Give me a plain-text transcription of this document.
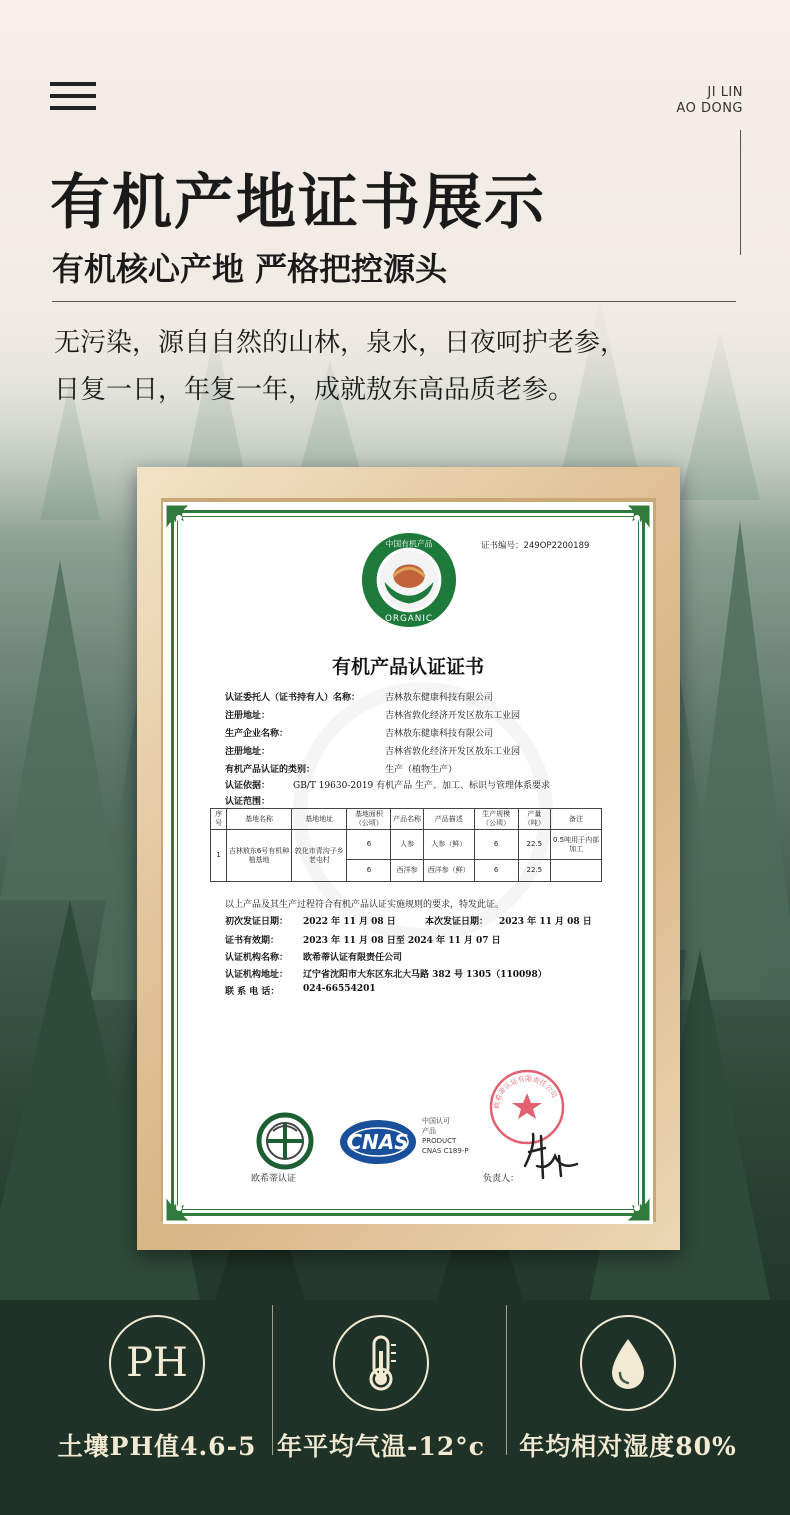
JI LIN
AO DONG
有机产地证书展示
有机核心产地 严格把控源头
无污染，源自自然的山林，泉水，日夜呵护老参，
日复一日，年复一年，成就敖东高品质老参。
证书编号：249OP2200189
中国有机产品
ORGANIC
有机产品认证证书
认证委托人（证书持有人）名称：	吉林敖东健康科技有限公司
注册地址：	吉林省敦化经济开发区敖东工业园
生产企业名称：	吉林敖东健康科技有限公司
注册地址：	吉林省敦化经济开发区敖东工业园
有机产品认证的类别：	生产（植物生产）
认证依据：	GB/T 19630-2019 有机产品 生产、加工、标识与管理体系要求
认证范围：
序号	基地名称	基地地址	基地面积（公顷）	产品名称	产品描述	生产规模（公顷）	产量（吨）	备注
1	吉林敖东6号有机种植基地	敦化市青沟子乡老屯村	6	人参	人参（鲜）	6	22.5	0.5吨用于内部加工
			6	西洋参	西洋参（鲜）	6	22.5	
以上产品及其生产过程符合有机产品认证实施规则的要求，特发此证。
初次发证日期： 2022 年 11 月 08 日	本次发证日期： 2023 年 11 月 08 日
证书有效期：	2023 年 11 月 08 日至 2024 年 11 月 07 日
认证机构名称： 欧希蒂认证有限责任公司
认证机构地址： 辽宁省沈阳市大东区东北大马路 382 号 1305（110098）
联 系 电 话：	024-66554201
欧希蒂认证
CNAS
中国认可
产品
PRODUCT
CNAS C189-P
欧希蒂认证有限责任公司
负责人：
PH
土壤PH值4.6-5 年平均气温-12°c	年均相对湿度80%
